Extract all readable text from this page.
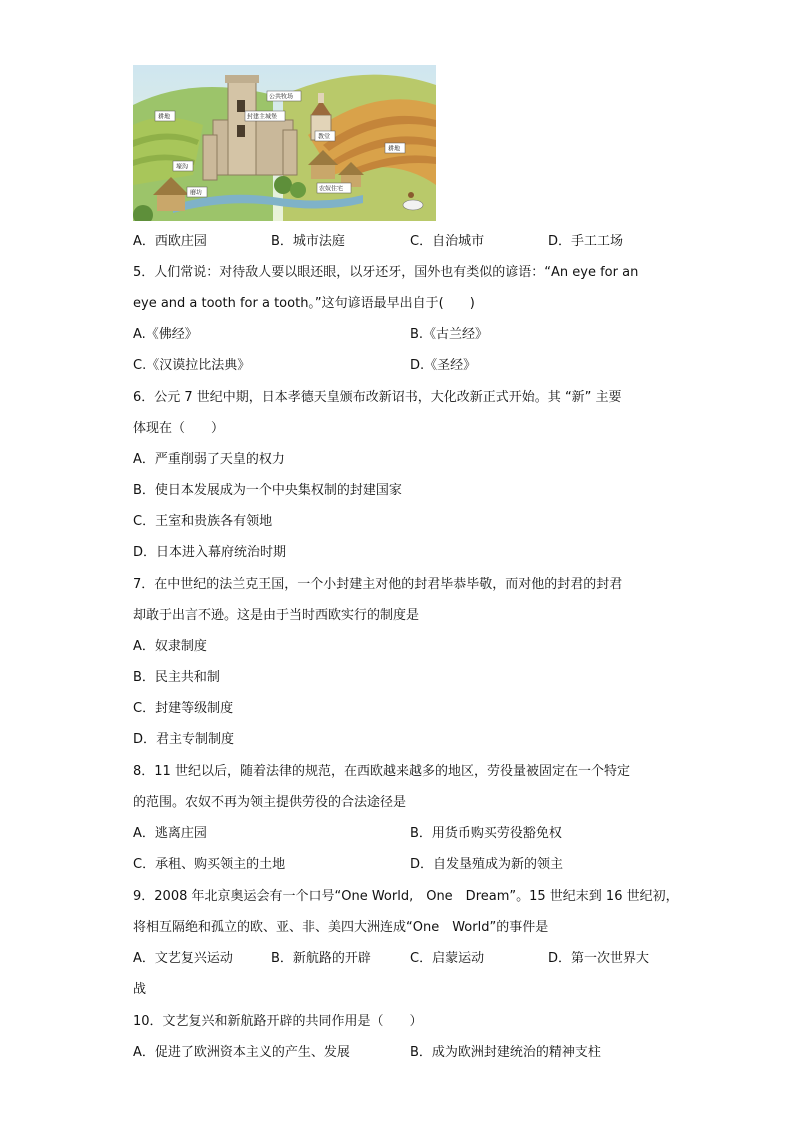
公共牧场
封建主城堡
耕地
教堂
耕地
壕沟
磨坊
农奴住宅
A．西欧庄园	B．城市法庭	C．自治城市	D．手工工场
5．人们常说：对待敌人要以眼还眼，以牙还牙，国外也有类似的谚语：“An eye for an
eye and a tooth for a tooth。”这句谚语最早出自于(　　)
A.《佛经》	B.《古兰经》
C.《汉谟拉比法典》	D.《圣经》
6．公元 7 世纪中期，日本孝德天皇颁布改新诏书，大化改新正式开始。其 “新” 主要
体现在（　　）
A．严重削弱了天皇的权力
B．使日本发展成为一个中央集权制的封建国家
C．王室和贵族各有领地
D．日本进入幕府统治时期
7．在中世纪的法兰克王国，一个小封建主对他的封君毕恭毕敬，而对他的封君的封君
却敢于出言不逊。这是由于当时西欧实行的制度是
A．奴隶制度
B．民主共和制
C．封建等级制度
D．君主专制制度
8．11 世纪以后，随着法律的规范，在西欧越来越多的地区，劳役量被固定在一个特定
的范围。农奴不再为领主提供劳役的合法途径是
A．逃离庄园	B．用货币购买劳役豁免权
C．承租、购买领主的土地	D．自发垦殖成为新的领主
9．2008 年北京奥运会有一个口号“One World,　One　Dream”。15 世纪末到 16 世纪初，
将相互隔绝和孤立的欧、亚、非、美四大洲连成“One　World”的事件是
A．文艺复兴运动	B．新航路的开辟	C．启蒙运动	D．第一次世界大
战
10．文艺复兴和新航路开辟的共同作用是（　　）
A．促进了欧洲资本主义的产生、发展	B．成为欧洲封建统治的精神支柱
